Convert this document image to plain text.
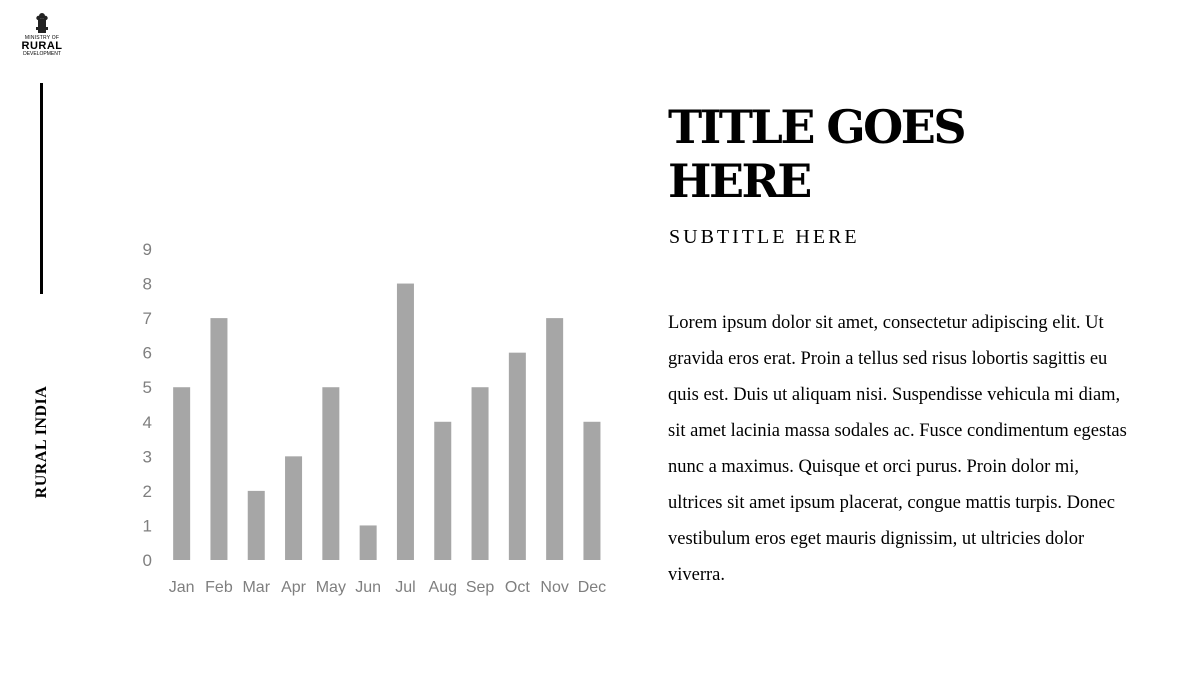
MINISTRY OF
RURAL
DEVELOPMENT
RURAL INDIA
0
1
2
3
4
5
6
7
8
9
Jan Feb Mar Apr May Jun Jul Aug Sep Oct Nov Dec
TITLE GOES HERE
SUBTITLE HERE

Lorem ipsum dolor sit amet, consectetur adipiscing elit. Ut gravida eros erat. Proin a tellus sed risus lobortis sagittis eu quis est. Duis ut aliquam nisi. Suspendisse vehicula mi diam, sit amet lacinia massa sodales ac. Fusce condimentum egestas nunc a maximus. Quisque et orci purus. Proin dolor mi, ultrices sit amet ipsum placerat, congue mattis turpis. Donec vestibulum eros eget mauris dignissim, ut ultricies dolor viverra.
